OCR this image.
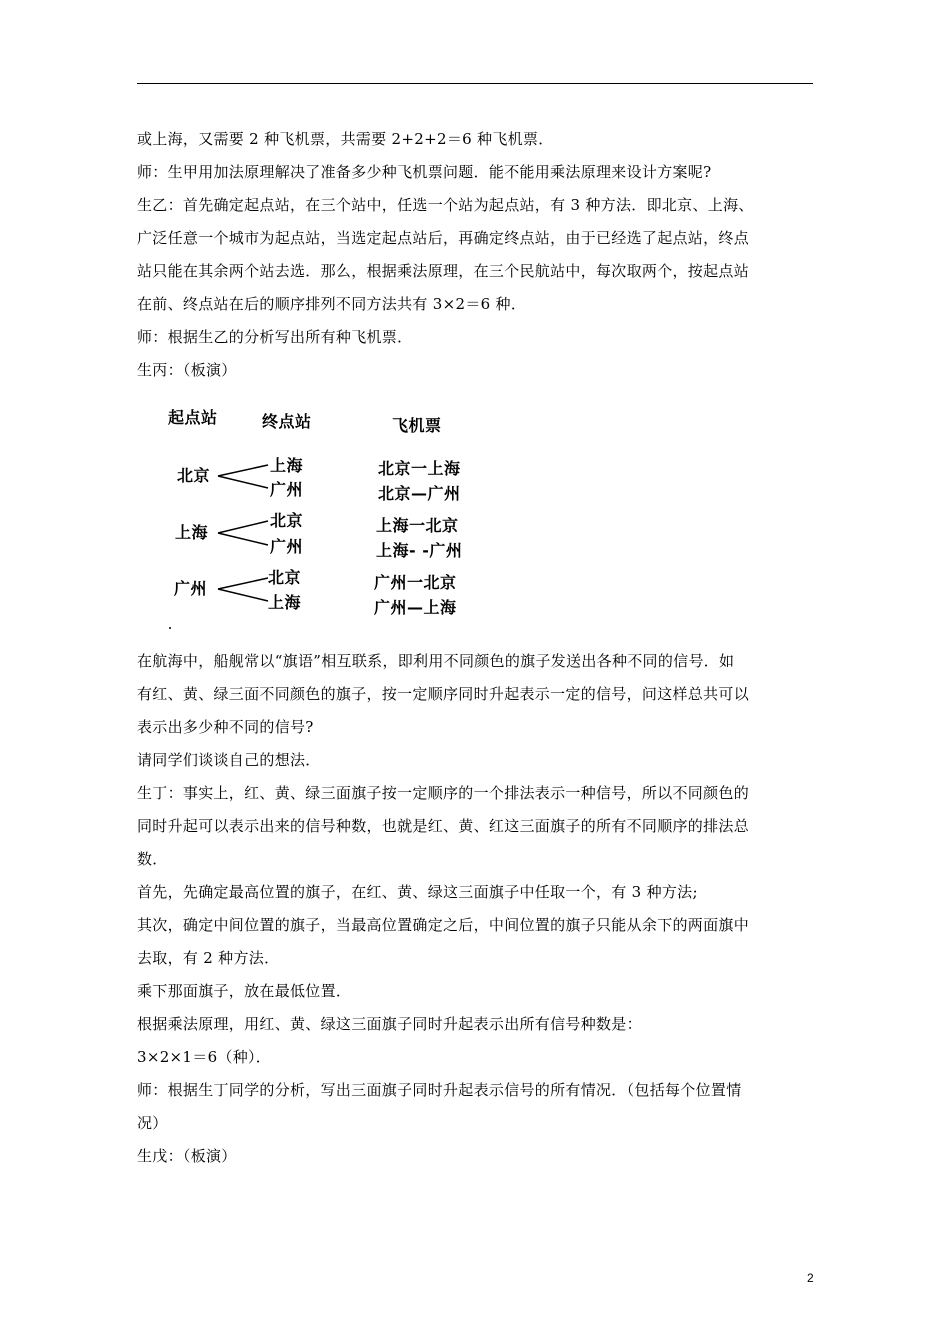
或上海，又需要 2 种飞机票，共需要 2+2+2＝6 种飞机票．
师：生甲用加法原理解决了准备多少种飞机票问题．能不能用乘法原理来设计方案呢?
生乙：首先确定起点站，在三个站中，任选一个站为起点站，有 3 种方法．即北京、上海、
广泛任意一个城市为起点站，当选定起点站后，再确定终点站，由于已经选了起点站，终点
站只能在其余两个站去选．那么，根据乘法原理，在三个民航站中，每次取两个，按起点站
在前、终点站在后的顺序排列不同方法共有 3×2＝6 种．
师：根据生乙的分析写出所有种飞机票．
生丙：（板演）
起点站	终点站	飞机票
北京
上海
广州
北京一上海
北京—广州
上海
北京
广州
上海一北京
上海- -广州
广州
北京
上海
广州一北京
广州—上海
在航海中，船舰常以“旗语”相互联系，即利用不同颜色的旗子发送出各种不同的信号．如
有红、黄、绿三面不同颜色的旗子，按一定顺序同时升起表示一定的信号，问这样总共可以
表示出多少种不同的信号?
请同学们谈谈自己的想法．
生丁：事实上，红、黄、绿三面旗子按一定顺序的一个排法表示一种信号，所以不同颜色的
同时升起可以表示出来的信号种数，也就是红、黄、红这三面旗子的所有不同顺序的排法总
数．
首先，先确定最高位置的旗子，在红、黄、绿这三面旗子中任取一个，有 3 种方法;
其次，确定中间位置的旗子，当最高位置确定之后，中间位置的旗子只能从余下的两面旗中
去取，有 2 种方法．
乘下那面旗子，放在最低位置．
根据乘法原理，用红、黄、绿这三面旗子同时升起表示出所有信号种数是：
3×2×1＝6（种）．
师：根据生丁同学的分析，写出三面旗子同时升起表示信号的所有情况．（包括每个位置情
况）
生戊：（板演）
2
